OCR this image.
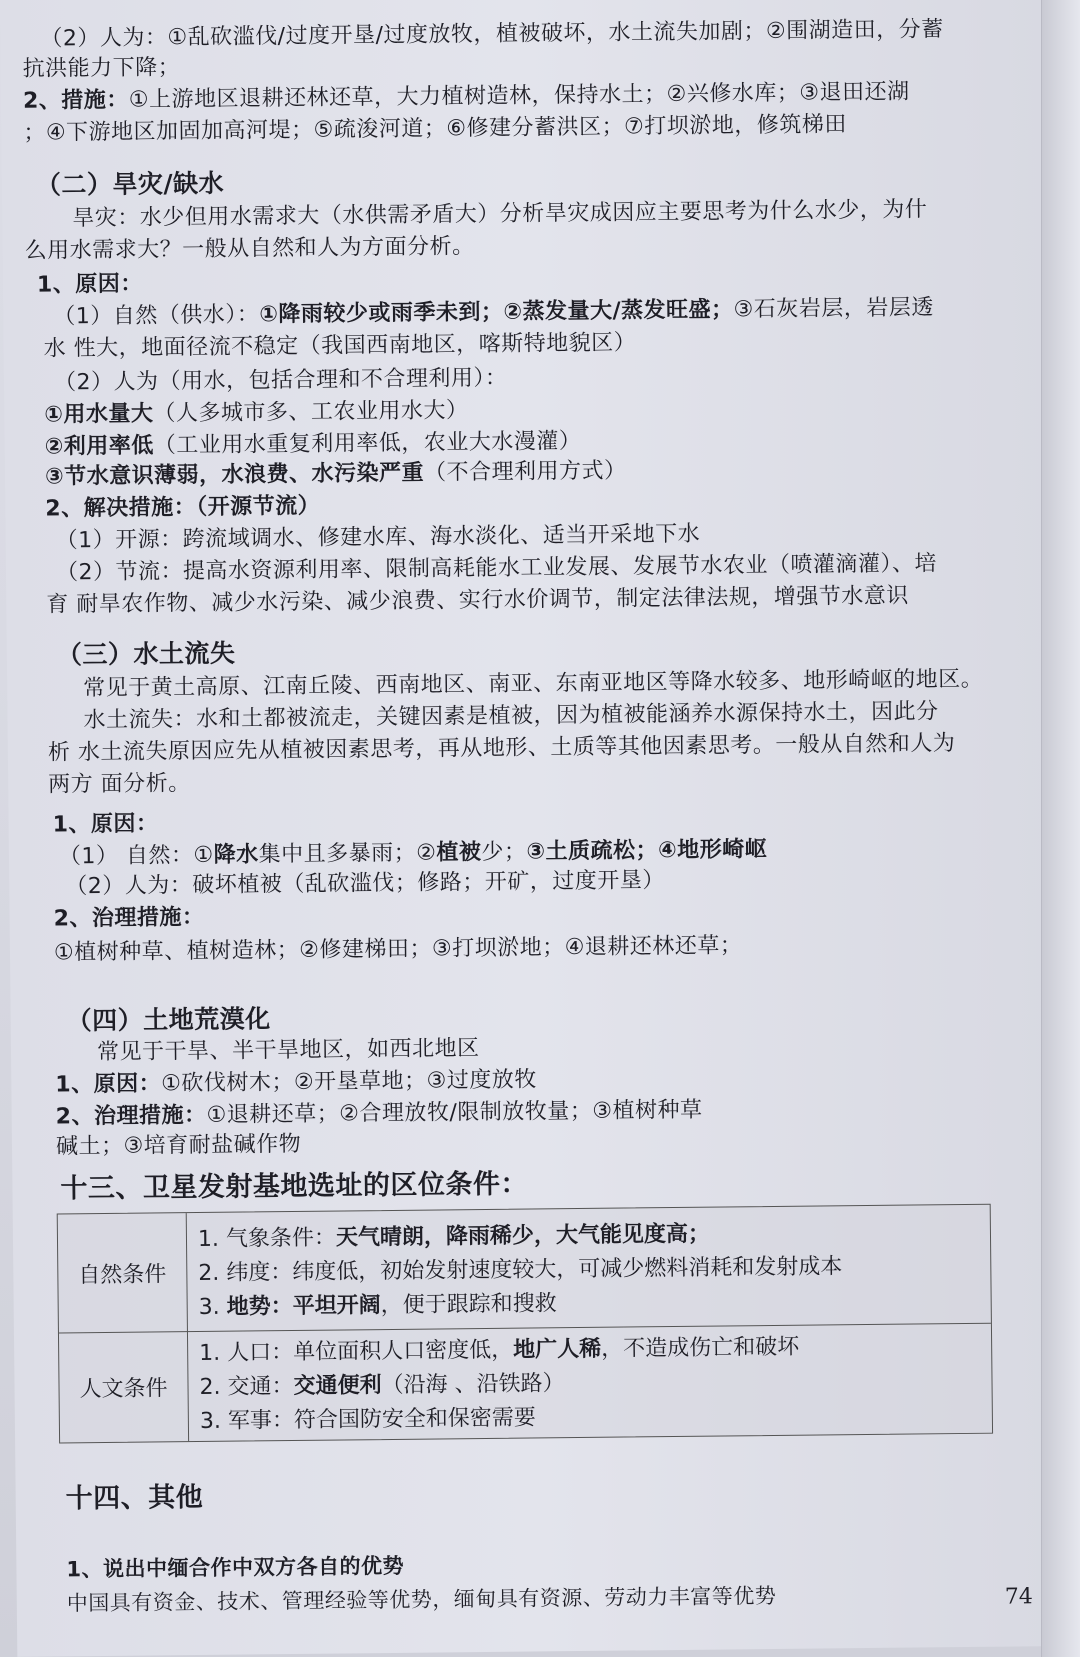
（2）人为：①乱砍滥伐/过度开垦/过度放牧，植被破坏，水土流失加剧；②围湖造田，分蓄
抗洪能力下降；
2、措施：①上游地区退耕还林还草，大力植树造林，保持水土；②兴修水库；③退田还湖
；④下游地区加固加高河堤；⑤疏浚河道；⑥修建分蓄洪区；⑦打坝淤地，修筑梯田
（二）旱灾/缺水
旱灾：水少但用水需求大（水供需矛盾大）分析旱灾成因应主要思考为什么水少，为什
么用水需求大？一般从自然和人为方面分析。
1、原因：
（1）自然（供水）：①降雨较少或雨季未到；②蒸发量大/蒸发旺盛；③石灰岩层，岩层透
水 性大，地面径流不稳定（我国西南地区，喀斯特地貌区）
（2）人为（用水，包括合理和不合理利用）：
①用水量大（人多城市多、工农业用水大）
②利用率低（工业用水重复利用率低，农业大水漫灌）
③节水意识薄弱，水浪费、水污染严重（不合理利用方式）
2、解决措施：（开源节流）
（1）开源：跨流域调水、修建水库、海水淡化、适当开采地下水
（2）节流：提高水资源利用率、限制高耗能水工业发展、发展节水农业（喷灌滴灌）、培
育 耐旱农作物、减少水污染、减少浪费、实行水价调节，制定法律法规，增强节水意识
（三）水土流失
常见于黄土高原、江南丘陵、西南地区、南亚、东南亚地区等降水较多、地形崎岖的地区。
水土流失：水和土都被流走，关键因素是植被，因为植被能涵养水源保持水土，因此分
析 水土流失原因应先从植被因素思考，再从地形、土质等其他因素思考。一般从自然和人为
两方 面分析。
1、原因：
（1） 自然：①降水集中且多暴雨；②植被少；③土质疏松；④地形崎岖
（2）人为：破坏植被（乱砍滥伐；修路；开矿，过度开垦）
2、治理措施：
①植树种草、植树造林；②修建梯田；③打坝淤地；④退耕还林还草；
（四）土地荒漠化
常见于干旱、半干旱地区，如西北地区
1、原因：①砍伐树木；②开垦草地；③过度放牧
2、治理措施：①退耕还草；②合理放牧/限制放牧量；③植树种草
碱土；③培育耐盐碱作物
十三、卫星发射基地选址的区位条件：
自然条件
1. 气象条件：天气晴朗，降雨稀少，大气能见度高；
2. 纬度：纬度低，初始发射速度较大，可减少燃料消耗和发射成本
3. 地势：平坦开阔，便于跟踪和搜救
人文条件
1. 人口：单位面积人口密度低，地广人稀，不造成伤亡和破坏
2. 交通：交通便利（沿海 、沿铁路）
3. 军事：符合国防安全和保密需要
十四、其他
1、说出中缅合作中双方各自的优势
中国具有资金、技术、管理经验等优势，缅甸具有资源、劳动力丰富等优势	74
